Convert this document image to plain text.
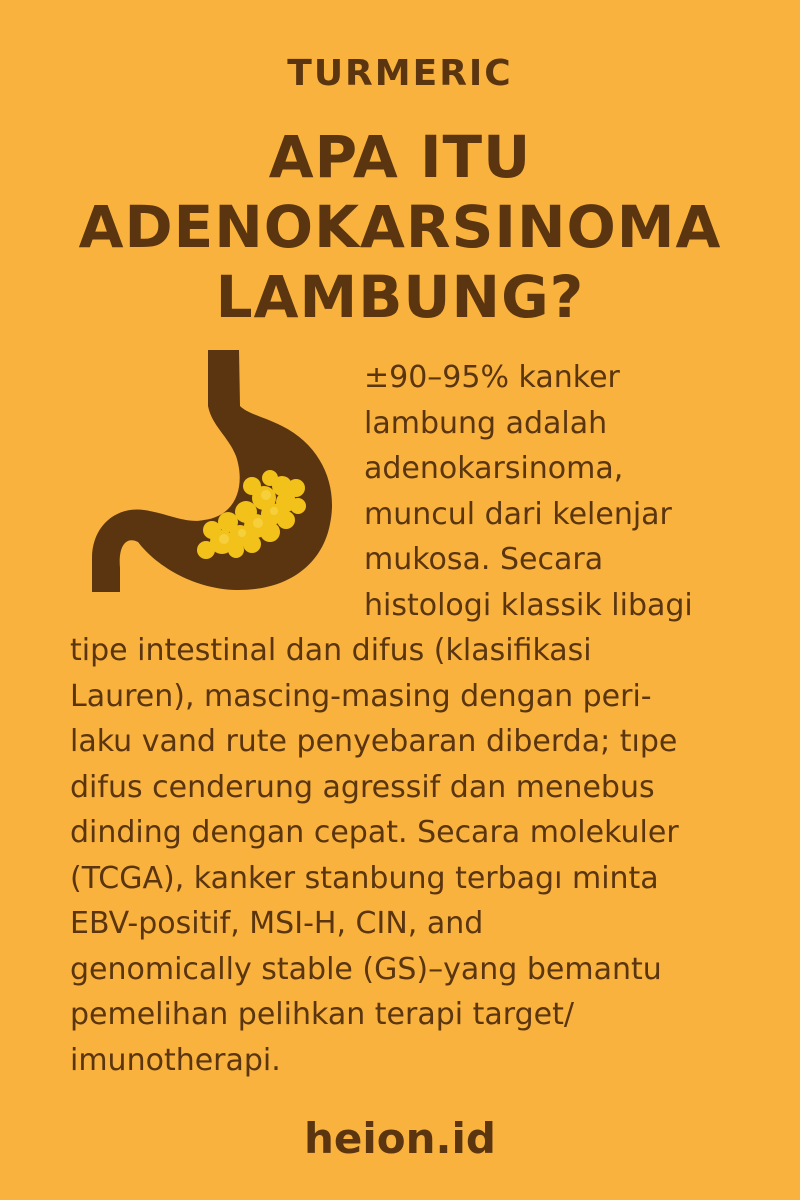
TURMERIC
APA ITU
ADENOKARSINOMA
LAMBUNG?
±90–95% kanker
lambung adalah
adenokarsinoma,
muncul dari kelenjar
mukosa. Secara
histologi klassik libagi
tipe intestinal dan difus (klasifikasi
Lauren), mascing-masing dengan peri-
laku vand rute penyebaran diberda; tıpe
difus cenderung agressif dan menebus
dinding dengan cepat. Secara molekuler
(TCGA), kanker stanbung terbagı minta
EBV-positif, MSI-H, CIN, and
genomically stable (GS)–yang bemantu
pemelihan pelihkan terapi target/
imunotherapi.
heion.id
